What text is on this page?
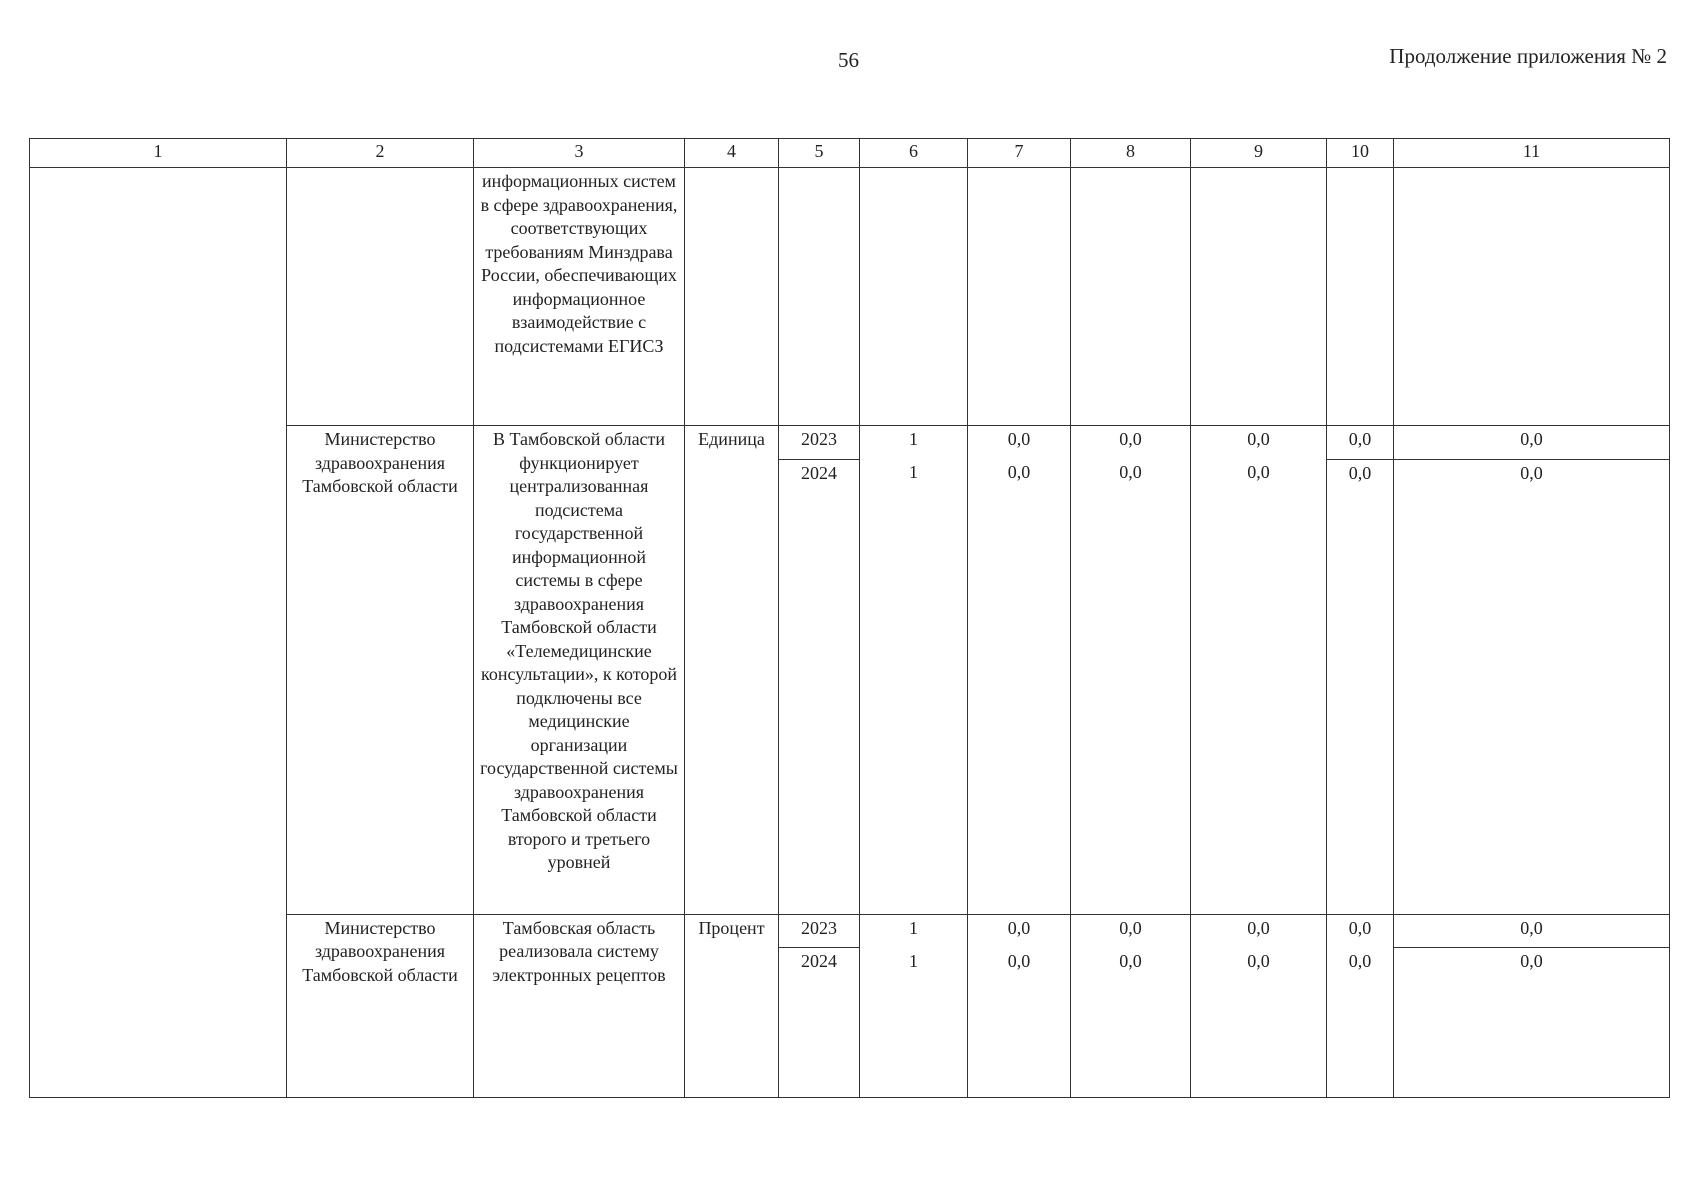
56	Продолжение приложения № 2
1	2	3	4	5	6	7	8	9	10	11
		информационных систем в сфере здравоохранения, соответствующих требованиям Минздрава России, обеспечивающих информационное взаимодействие с подсистемами ЕГИСЗ								
	Министерство здравоохранения Тамбовской области	В Тамбовской области функционирует централизованная подсистема государственной информационной системы в сфере здравоохранения Тамбовской области «Телемедицинские консультации», к которой подключены все медицинские организации государственной системы здравоохранения Тамбовской области второго и третьего уровней	Единица	2023	1	0,0	0,0	0,0	0,0	0,0
				2024	1	0,0	0,0	0,0	0,0	0,0
	Министерство здравоохранения Тамбовской области	Тамбовская область реализовала систему электронных рецептов	Процент	2023	1	0,0	0,0	0,0	0,0	0,0
				2024	1	0,0	0,0	0,0	0,0	0,0
